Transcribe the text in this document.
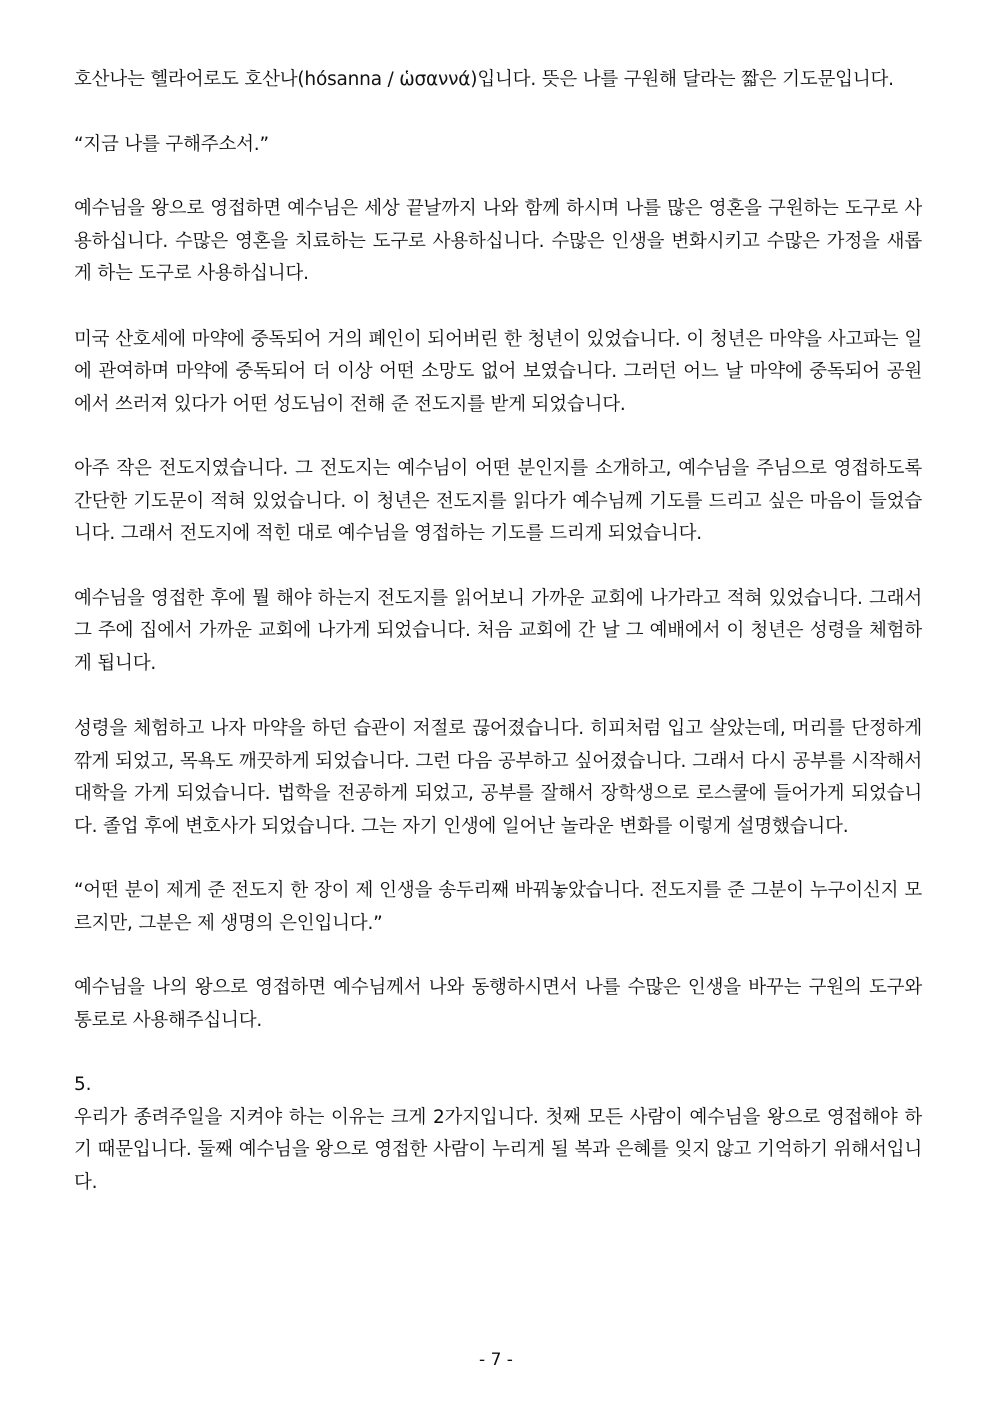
호산나는 헬라어로도 호산나(hósanna / ὡσαννά)입니다. 뜻은 나를 구원해 달라는 짧은 기도문입니다.

“지금 나를 구해주소서.”

예수님을 왕으로 영접하면 예수님은 세상 끝날까지 나와 함께 하시며 나를 많은 영혼을 구원하는 도구로 사용하십니다. 수많은 영혼을 치료하는 도구로 사용하십니다. 수많은 인생을 변화시키고 수많은 가정을 새롭게 하는 도구로 사용하십니다.

미국 산호세에 마약에 중독되어 거의 폐인이 되어버린 한 청년이 있었습니다. 이 청년은 마약을 사고파는 일에 관여하며 마약에 중독되어 더 이상 어떤 소망도 없어 보였습니다. 그러던 어느 날 마약에 중독되어 공원에서 쓰러져 있다가 어떤 성도님이 전해 준 전도지를 받게 되었습니다.

아주 작은 전도지였습니다. 그 전도지는 예수님이 어떤 분인지를 소개하고, 예수님을 주님으로 영접하도록 간단한 기도문이 적혀 있었습니다. 이 청년은 전도지를 읽다가 예수님께 기도를 드리고 싶은 마음이 들었습니다. 그래서 전도지에 적힌 대로 예수님을 영접하는 기도를 드리게 되었습니다.

예수님을 영접한 후에 뭘 해야 하는지 전도지를 읽어보니 가까운 교회에 나가라고 적혀 있었습니다. 그래서 그 주에 집에서 가까운 교회에 나가게 되었습니다. 처음 교회에 간 날 그 예배에서 이 청년은 성령을 체험하게 됩니다.

성령을 체험하고 나자 마약을 하던 습관이 저절로 끊어졌습니다. 히피처럼 입고 살았는데, 머리를 단정하게 깎게 되었고, 목욕도 깨끗하게 되었습니다. 그런 다음 공부하고 싶어졌습니다. 그래서 다시 공부를 시작해서 대학을 가게 되었습니다. 법학을 전공하게 되었고, 공부를 잘해서 장학생으로 로스쿨에 들어가게 되었습니다. 졸업 후에 변호사가 되었습니다. 그는 자기 인생에 일어난 놀라운 변화를 이렇게 설명했습니다.

“어떤 분이 제게 준 전도지 한 장이 제 인생을 송두리째 바꿔놓았습니다. 전도지를 준 그분이 누구이신지 모르지만, 그분은 제 생명의 은인입니다.”

예수님을 나의 왕으로 영접하면 예수님께서 나와 동행하시면서 나를 수많은 인생을 바꾸는 구원의 도구와 통로로 사용해주십니다.

5.

우리가 종려주일을 지켜야 하는 이유는 크게 2가지입니다. 첫째 모든 사람이 예수님을 왕으로 영접해야 하기 때문입니다. 둘째 예수님을 왕으로 영접한 사람이 누리게 될 복과 은혜를 잊지 않고 기억하기 위해서입니다.

- 7 -
